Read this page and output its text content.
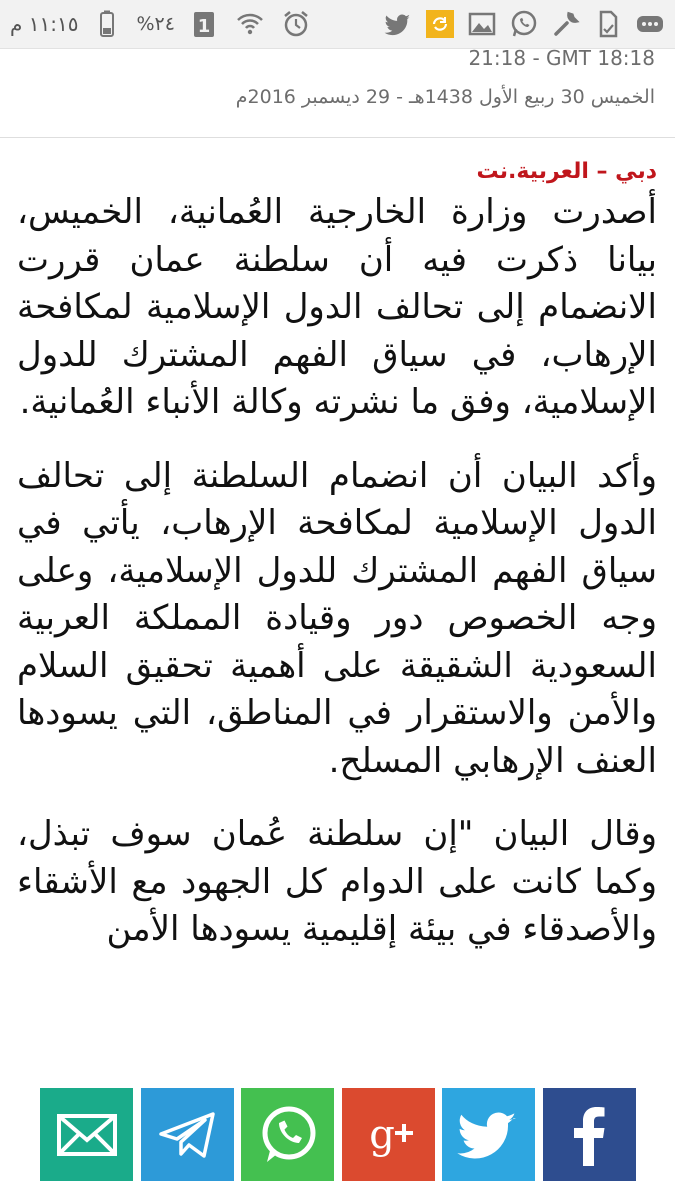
١١:١٥ م	%٢٤ 1
21:18 - GMT 18:18
الخميس 30 ربيع الأول 1438هـ - 29 ديسمبر 2016م

دبي – العربية.نت

أصدرت وزارة الخارجية العُمانية، الخميس، بيانا ذكرت فيه أن سلطنة عمان قررت الانضمام إلى تحالف الدول الإسلامية لمكافحة الإرهاب، في سياق الفهم المشترك للدول الإسلامية، وفق ما نشرته وكالة الأنباء العُمانية.

وأكد البيان أن انضمام السلطنة إلى تحالف الدول الإسلامية لمكافحة الإرهاب، يأتي في سياق الفهم المشترك للدول الإسلامية، وعلى وجه الخصوص دور وقيادة المملكة العربية السعودية الشقيقة على أهمية تحقيق السلام والأمن والاستقرار في المناطق، التي يسودها العنف الإرهابي المسلح.

وقال البيان "إن سلطنة عُمان سوف تبذل، وكما كانت على الدوام كل الجهود مع الأشقاء والأصدقاء في بيئة إقليمية يسودها الأمن

g
